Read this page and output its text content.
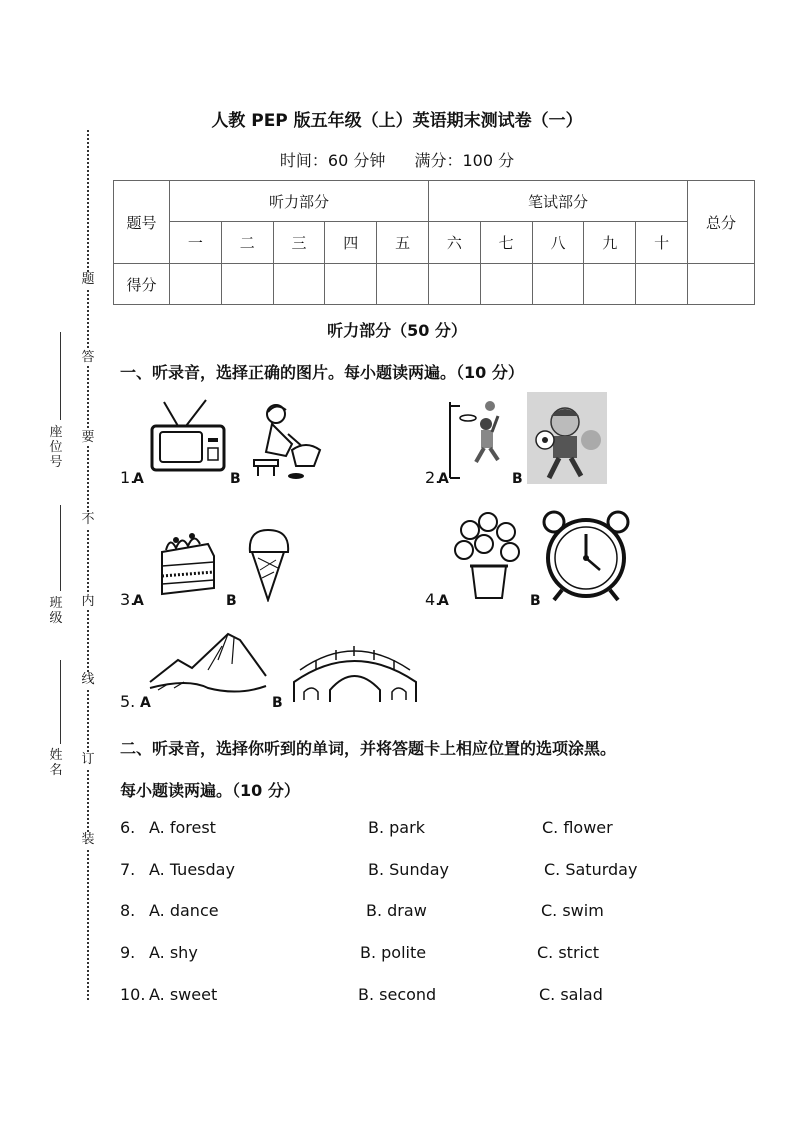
题
答
要
不
内
线
订
装
座位号
班级
姓名
人教 PEP 版五年级（上）英语期末测试卷（一）
时间：60 分钟 满分：100 分
题号	听力部分					笔试部分					总分
	一	二	三	四	五	六	七	八	九	十	
得分											
听力部分（50 分）
一、听录音，选择正确的图片。每小题读两遍。（10 分）
1.
A	B	2.
A	B
3.
A	B	4.
A	B
5. A	B
二、听录音，选择你听到的单词，并将答题卡上相应位置的选项涂黑。
每小题读两遍。（10 分）
6. A. forest	B. park	C. flower
7. A. Tuesday	B. Sunday	C. Saturday
8. A. dance	B. draw	C. swim
9. A. shy	B. polite	C. strict
10. A. sweet	B. second	C. salad
